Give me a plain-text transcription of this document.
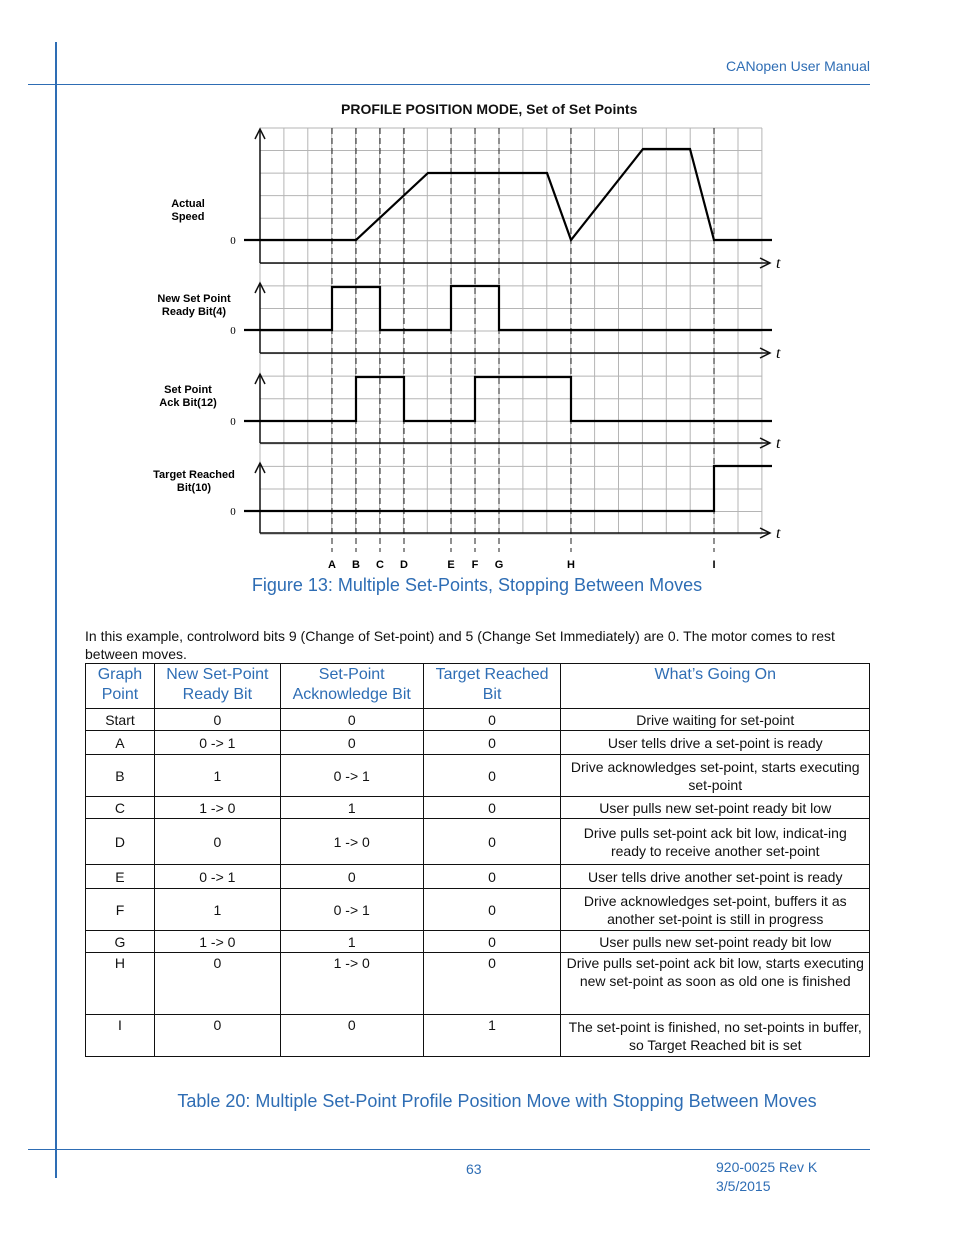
CANopen User Manual
PROFILE POSITION MODE, Set of Set Points
A B C D	E F G	H	I
t
0
Actual
Speed
t
0
New Set Point
Ready Bit(4)
t
0
Set Point
Ack Bit(12)
t
0
Target Reached
Bit(10)
Figure 13: Multiple Set-Points, Stopping Between Moves
In this example, controlword bits 9 (Change of Set-point) and 5 (Change Set Immediately) are 0. The motor comes to rest between moves.
Graph Point	New Set-Point Ready Bit	Set-Point Acknowledge Bit	Target Reached Bit	What’s Going On
Start	0	0	0	Drive waiting for set-point
A	0 -> 1	0	0	User tells drive a set-point is ready
B	1	0 -> 1	0	Drive acknowledges set-point, starts executing set-point
C	1 -> 0	1	0	User pulls new set-point ready bit low
D	0	1 -> 0	0	Drive pulls set-point ack bit low, indicat-ing ready to receive another set-point
E	0 -> 1	0	0	User tells drive another set-point is ready
F	1	0 -> 1	0	Drive acknowledges set-point, buffers it as another set-point is still in progress
G	1 -> 0	1	0	User pulls new set-point ready bit low
H	0	1 -> 0	0	Drive pulls set-point ack bit low, starts executing new set-point as soon as old one is finished
I	0	0	1	The set-point is finished, no set-points in buffer, so Target Reached bit is set
Table 20: Multiple Set-Point Profile Position Move with Stopping Between Moves
63	920-0025 Rev K
3/5/2015
